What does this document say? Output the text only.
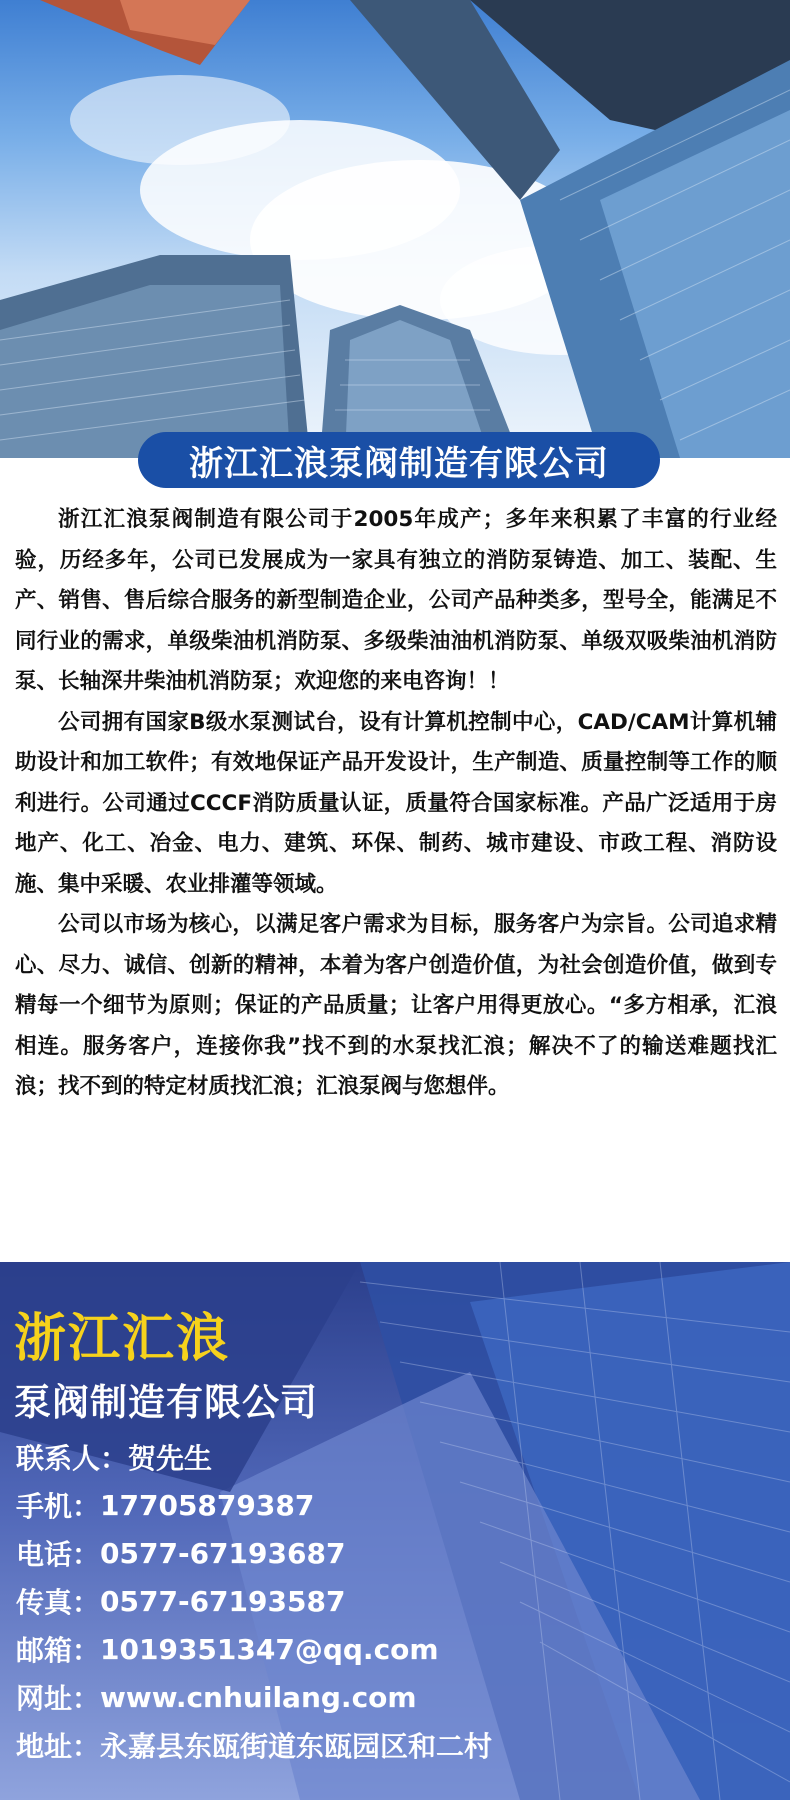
浙江汇浪泵阀制造有限公司

浙江汇浪泵阀制造有限公司于2005年成产；多年来积累了丰富的行业经验，历经多年，公司已发展成为一家具有独立的消防泵铸造、加工、装配、生产、销售、售后综合服务的新型制造企业，公司产品种类多，型号全，能满足不同行业的需求，单级柴油机消防泵、多级柴油油机消防泵、单级双吸柴油机消防泵、长轴深井柴油机消防泵；欢迎您的来电咨询！！

公司拥有国家B级水泵测试台，设有计算机控制中心，CAD/CAM计算机辅助设计和加工软件；有效地保证产品开发设计，生产制造、质量控制等工作的顺利进行。公司通过CCCF消防质量认证，质量符合国家标准。产品广泛适用于房地产、化工、冶金、电力、建筑、环保、制药、城市建设、市政工程、消防设施、集中采暖、农业排灌等领域。

公司以市场为核心，以满足客户需求为目标，服务客户为宗旨。公司追求精心、尽力、诚信、创新的精神，本着为客户创造价值，为社会创造价值，做到专精每一个细节为原则；保证的产品质量；让客户用得更放心。“多方相承，汇浪相连。服务客户，连接你我”找不到的水泵找汇浪；解决不了的输送难题找汇浪；找不到的特定材质找汇浪；汇浪泵阀与您想伴。

浙江汇浪
泵阀制造有限公司
联系人： 贺先生
手机： 17705879387
电话： 0577-67193687
传真： 0577-67193587
邮箱： 1019351347@qq.com
网址： www.cnhuilang.com
地址： 永嘉县东瓯街道东瓯园区和二村
